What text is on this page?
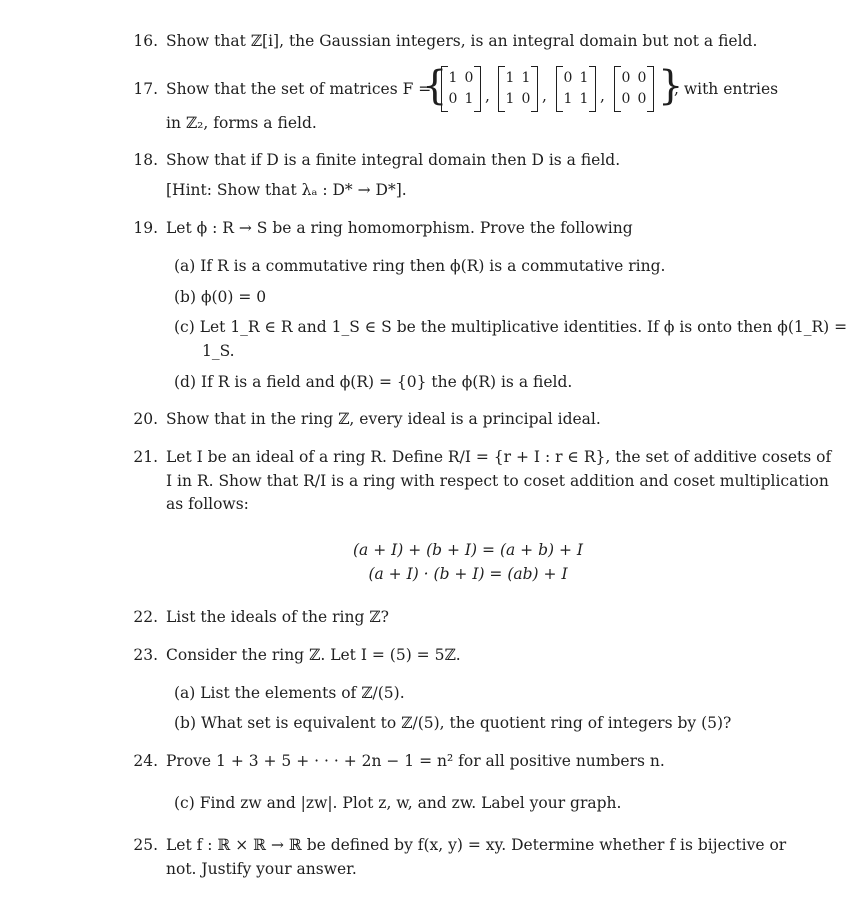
16. Show that ℤ[i], the Gaussian integers, is an integral domain but not a field.
17. Show that the set of matrices F =
{ 1 0
0 1 ,
1 1
1 0 ,
0 1
1 1 ,
0 0
0 0 }
, with entries
in ℤ₂, forms a field.
18. Show that if D is a finite integral domain then D is a field.
[Hint: Show that λₐ : D* → D*].
19. Let ϕ : R → S be a ring homomorphism. Prove the following
(a) If R is a commutative ring then ϕ(R) is a commutative ring.
(b) ϕ(0) = 0
(c) Let 1_R ∈ R and 1_S ∈ S be the multiplicative identities. If ϕ is onto then ϕ(1_R) =
1_S.
(d) If R is a field and ϕ(R) = {0} the ϕ(R) is a field.
20. Show that in the ring ℤ, every ideal is a principal ideal.
21. Let I be an ideal of a ring R. Define R/I = {r + I : r ∈ R}, the set of additive cosets of
I in R. Show that R/I is a ring with respect to coset addition and coset multiplication
as follows:
(a + I) + (b + I) = (a + b) + I
(a + I) · (b + I) = (ab) + I
22. List the ideals of the ring ℤ?
23. Consider the ring ℤ. Let I = (5) = 5ℤ.
(a) List the elements of ℤ/(5).
(b) What set is equivalent to ℤ/(5), the quotient ring of integers by (5)?
24. Prove 1 + 3 + 5 + · · · + 2n − 1 = n² for all positive numbers n.
(c) Find zw and |zw|. Plot z, w, and zw. Label your graph.
25. Let f : ℝ × ℝ → ℝ be defined by f(x, y) = xy. Determine whether f is bijective or
not. Justify your answer.
